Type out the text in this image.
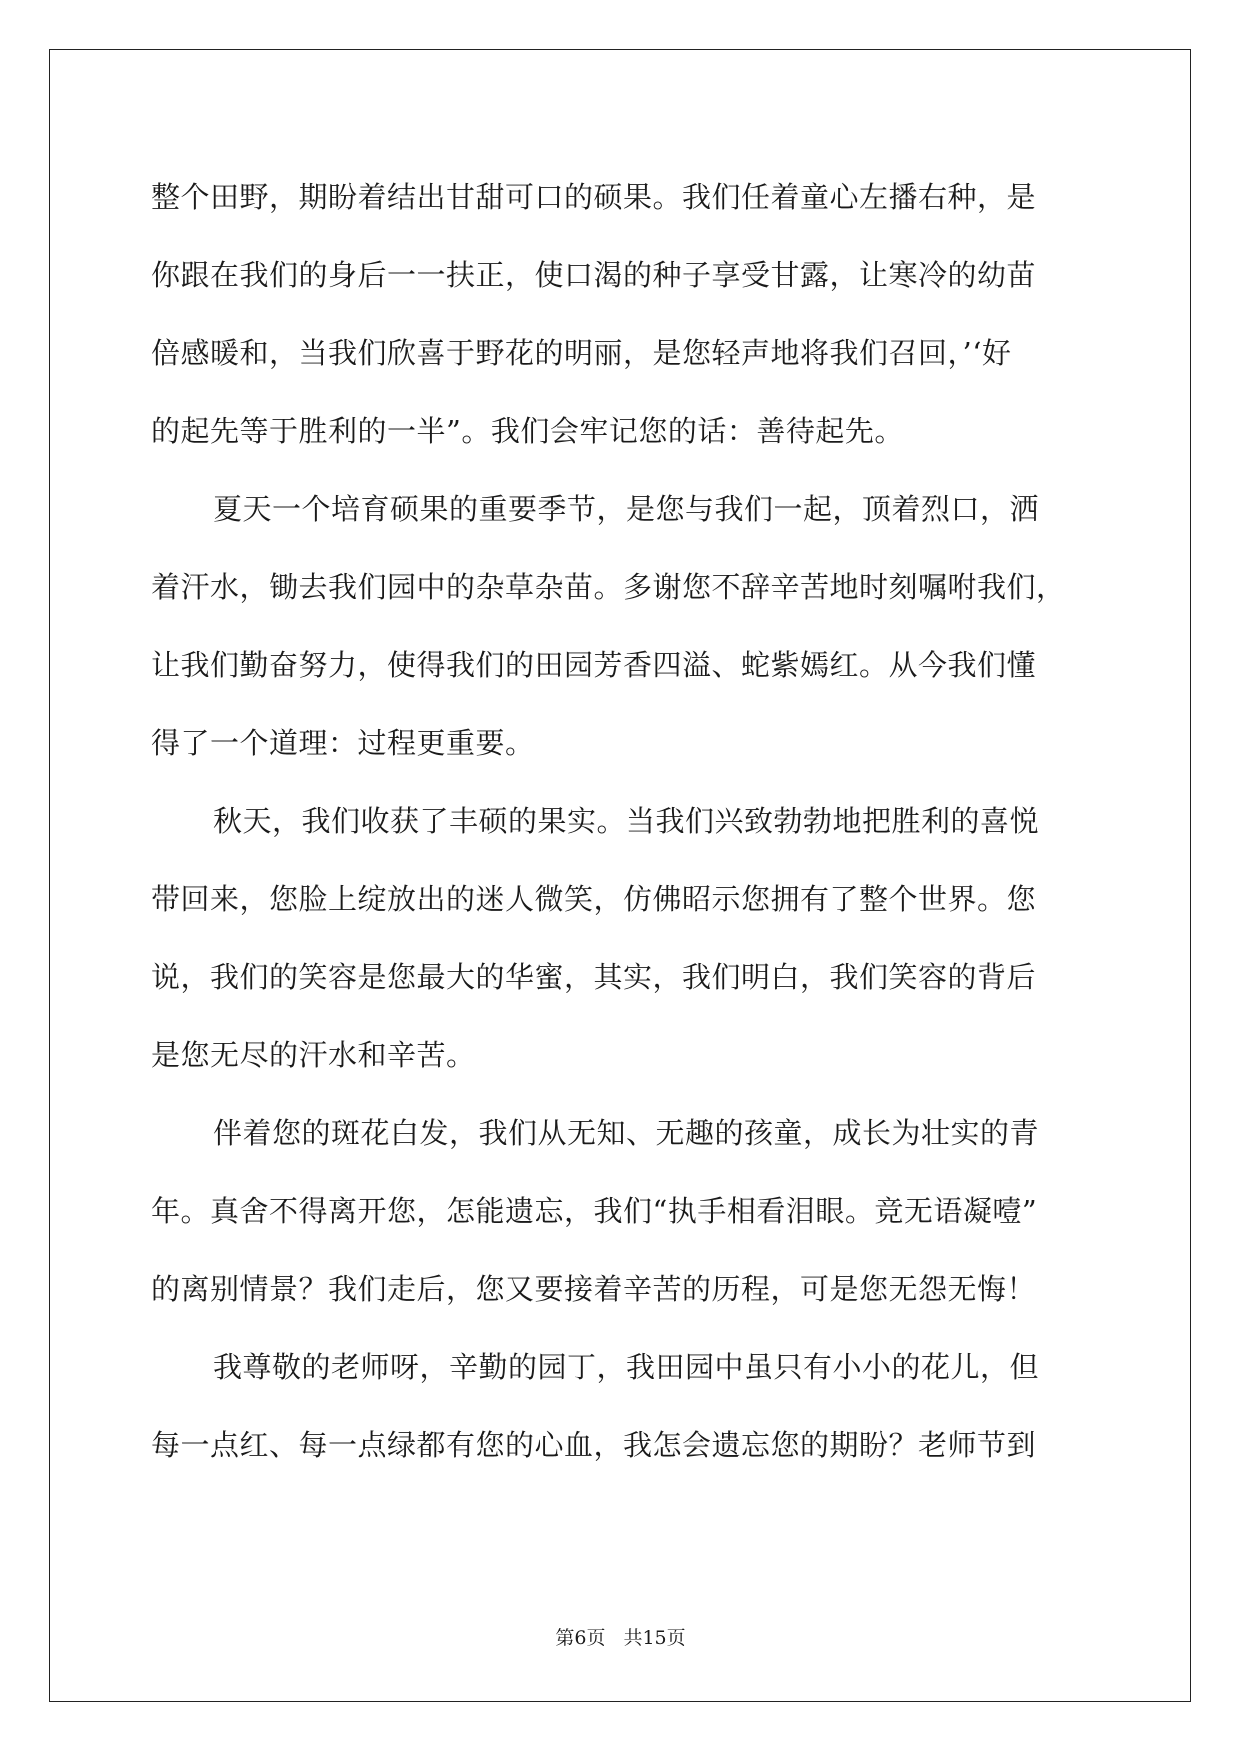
整个田野，期盼着结出甘甜可口的硕果。我们任着童心左播右种，是
你跟在我们的身后一一扶正，使口渴的种子享受甘露，让寒冷的幼苗
倍感暖和，当我们欣喜于野花的明丽，是您轻声地将我们召回，’‘好
的起先等于胜利的一半”。我们会牢记您的话：善待起先。
夏天一个培育硕果的重要季节，是您与我们一起，顶着烈口，洒
着汗水，锄去我们园中的杂草杂苗。多谢您不辞辛苦地时刻嘱咐我们，
让我们勤奋努力，使得我们的田园芳香四溢、蛇紫嫣红。从今我们懂
得了一个道理：过程更重要。
秋天，我们收获了丰硕的果实。当我们兴致勃勃地把胜利的喜悦
带回来，您脸上绽放出的迷人微笑，仿佛昭示您拥有了整个世界。您
说，我们的笑容是您最大的华蜜，其实，我们明白，我们笑容的背后
是您无尽的汗水和辛苦。
伴着您的斑花白发，我们从无知、无趣的孩童，成长为壮实的青
年。真舍不得离开您，怎能遗忘，我们“执手相看泪眼。竞无语凝噎”
的离别情景？我们走后，您又要接着辛苦的历程，可是您无怨无悔！
我尊敬的老师呀，辛勤的园丁，我田园中虽只有小小的花儿，但
每一点红、每一点绿都有您的心血，我怎会遗忘您的期盼？老师节到
第6页 共15页
